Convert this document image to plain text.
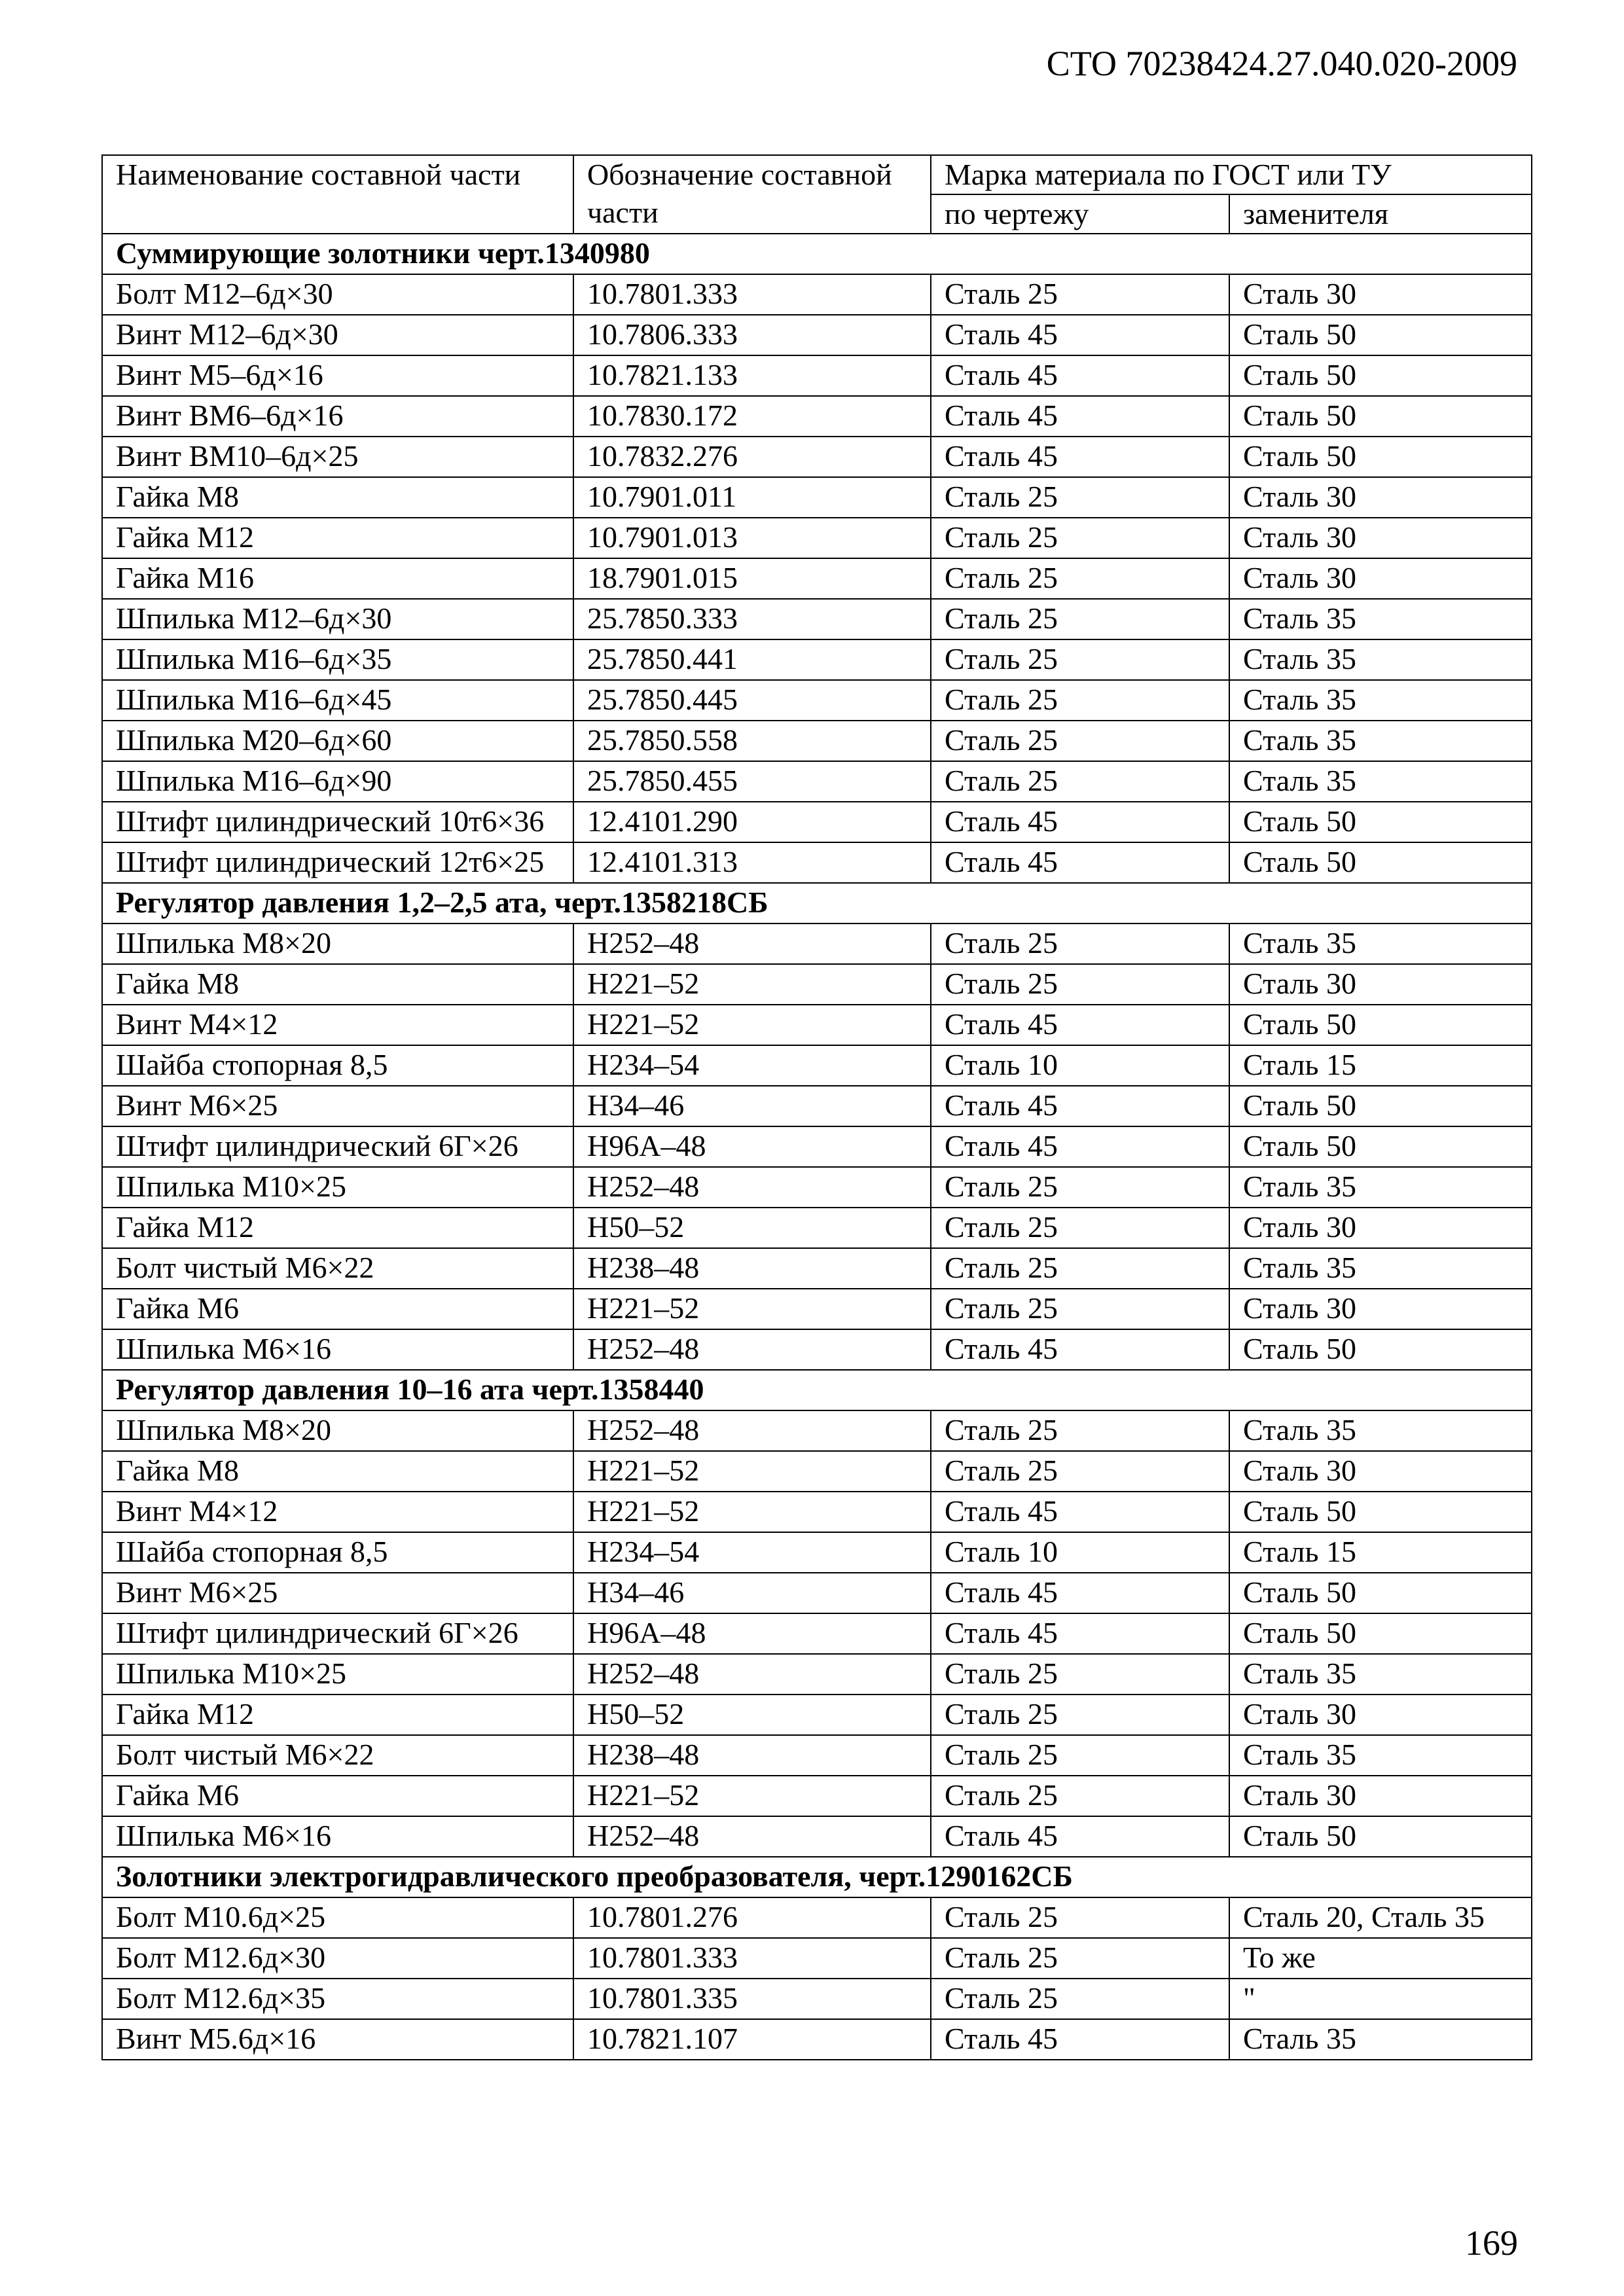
СТО 70238424.27.040.020-2009
Наименование составной части	Обозначение составной части	Марка материала по ГОСТ или ТУ	
		по чертежу	заменителя
Суммирующие золотники черт.1340980			
Болт М12–6д×30	10.7801.333	Сталь 25	Сталь 30
Винт М12–6д×30	10.7806.333	Сталь 45	Сталь 50
Винт М5–6д×16	10.7821.133	Сталь 45	Сталь 50
Винт ВМ6–6д×16	10.7830.172	Сталь 45	Сталь 50
Винт ВМ10–6д×25	10.7832.276	Сталь 45	Сталь 50
Гайка М8	10.7901.011	Сталь 25	Сталь 30
Гайка М12	10.7901.013	Сталь 25	Сталь 30
Гайка М16	18.7901.015	Сталь 25	Сталь 30
Шпилька М12–6д×30	25.7850.333	Сталь 25	Сталь 35
Шпилька М16–6д×35	25.7850.441	Сталь 25	Сталь 35
Шпилька М16–6д×45	25.7850.445	Сталь 25	Сталь 35
Шпилька М20–6д×60	25.7850.558	Сталь 25	Сталь 35
Шпилька М16–6д×90	25.7850.455	Сталь 25	Сталь 35
Штифт цилиндрический 10т6×36	12.4101.290	Сталь 45	Сталь 50
Штифт цилиндрический 12т6×25	12.4101.313	Сталь 45	Сталь 50
Регулятор давления 1,2–2,5 ата, черт.1358218СБ			
Шпилька М8×20	Н252–48	Сталь 25	Сталь 35
Гайка М8	Н221–52	Сталь 25	Сталь 30
Винт М4×12	Н221–52	Сталь 45	Сталь 50
Шайба стопорная 8,5	Н234–54	Сталь 10	Сталь 15
Винт М6×25	Н34–46	Сталь 45	Сталь 50
Штифт цилиндрический 6Г×26	Н96А–48	Сталь 45	Сталь 50
Шпилька М10×25	Н252–48	Сталь 25	Сталь 35
Гайка М12	Н50–52	Сталь 25	Сталь 30
Болт чистый М6×22	Н238–48	Сталь 25	Сталь 35
Гайка М6	Н221–52	Сталь 25	Сталь 30
Шпилька М6×16	Н252–48	Сталь 45	Сталь 50
Регулятор давления 10–16 ата черт.1358440			
Шпилька М8×20	Н252–48	Сталь 25	Сталь 35
Гайка М8	Н221–52	Сталь 25	Сталь 30
Винт М4×12	Н221–52	Сталь 45	Сталь 50
Шайба стопорная 8,5	Н234–54	Сталь 10	Сталь 15
Винт М6×25	Н34–46	Сталь 45	Сталь 50
Штифт цилиндрический 6Г×26	Н96А–48	Сталь 45	Сталь 50
Шпилька М10×25	Н252–48	Сталь 25	Сталь 35
Гайка М12	Н50–52	Сталь 25	Сталь 30
Болт чистый М6×22	Н238–48	Сталь 25	Сталь 35
Гайка М6	Н221–52	Сталь 25	Сталь 30
Шпилька М6×16	Н252–48	Сталь 45	Сталь 50
Золотники электрогидравлического преобразователя, черт.1290162СБ			
Болт М10.6д×25	10.7801.276	Сталь 25	Сталь 20, Сталь 35
Болт М12.6д×30	10.7801.333	Сталь 25	То же
Болт М12.6д×35	10.7801.335	Сталь 25	"
Винт М5.6д×16	10.7821.107	Сталь 45	Сталь 35
169
